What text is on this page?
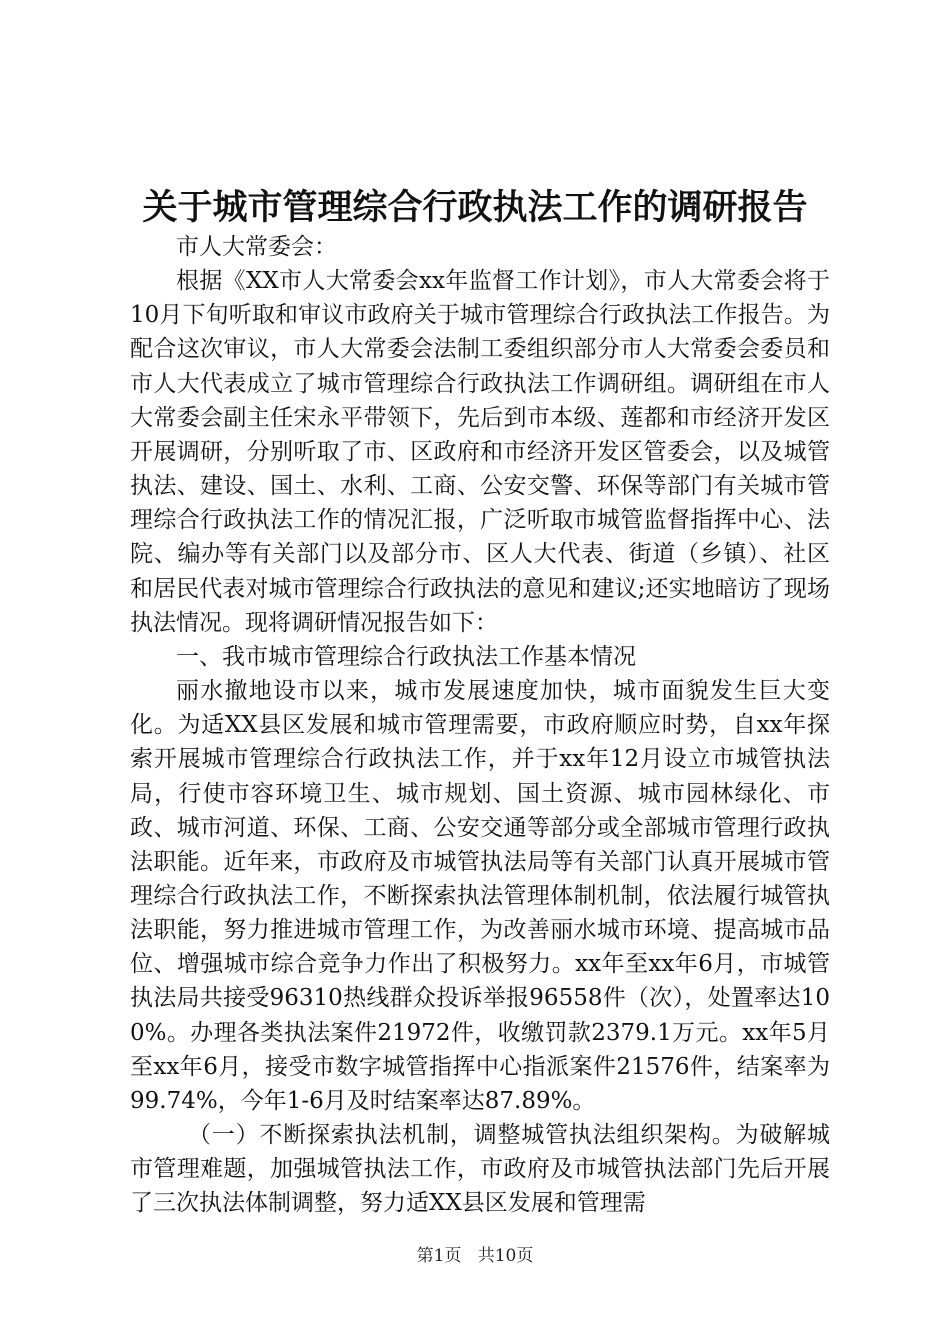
关于城市管理综合行政执法工作的调研报告

市人大常委会：

根据《XX市人大常委会xx年监督工作计划》，市人大常委会将于10月下旬听取和审议市政府关于城市管理综合行政执法工作报告。为配合这次审议，市人大常委会法制工委组织部分市人大常委会委员和市人大代表成立了城市管理综合行政执法工作调研组。调研组在市人大常委会副主任宋永平带领下，先后到市本级、莲都和市经济开发区开展调研，分别听取了市、区政府和市经济开发区管委会，以及城管执法、建设、国土、水利、工商、公安交警、环保等部门有关城市管理综合行政执法工作的情况汇报，广泛听取市城管监督指挥中心、法院、编办等有关部门以及部分市、区人大代表、街道（乡镇）、社区和居民代表对城市管理综合行政执法的意见和建议;还实地暗访了现场执法情况。现将调研情况报告如下：

一、我市城市管理综合行政执法工作基本情况

丽水撤地设市以来，城市发展速度加快，城市面貌发生巨大变化。为适XX县区发展和城市管理需要，市政府顺应时势，自xx年探索开展城市管理综合行政执法工作，并于xx年12月设立市城管执法局，行使市容环境卫生、城市规划、国土资源、城市园林绿化、市政、城市河道、环保、工商、公安交通等部分或全部城市管理行政执法职能。近年来，市政府及市城管执法局等有关部门认真开展城市管理综合行政执法工作，不断探索执法管理体制机制，依法履行城管执法职能，努力推进城市管理工作，为改善丽水城市环境、提高城市品位、增强城市综合竞争力作出了积极努力。xx年至xx年6月，市城管执法局共接受96310热线群众投诉举报96558件（次），处置率达100%。办理各类执法案件21972件，收缴罚款2379.1万元。xx年5月至xx年6月，接受市数字城管指挥中心指派案件21576件，结案率为99.74%，今年1-6月及时结案率达87.89%。

（一）不断探索执法机制，调整城管执法组织架构。为破解城市管理难题，加强城管执法工作，市政府及市城管执法部门先后开展了三次执法体制调整，努力适XX县区发展和管理需

第1页 共10页
